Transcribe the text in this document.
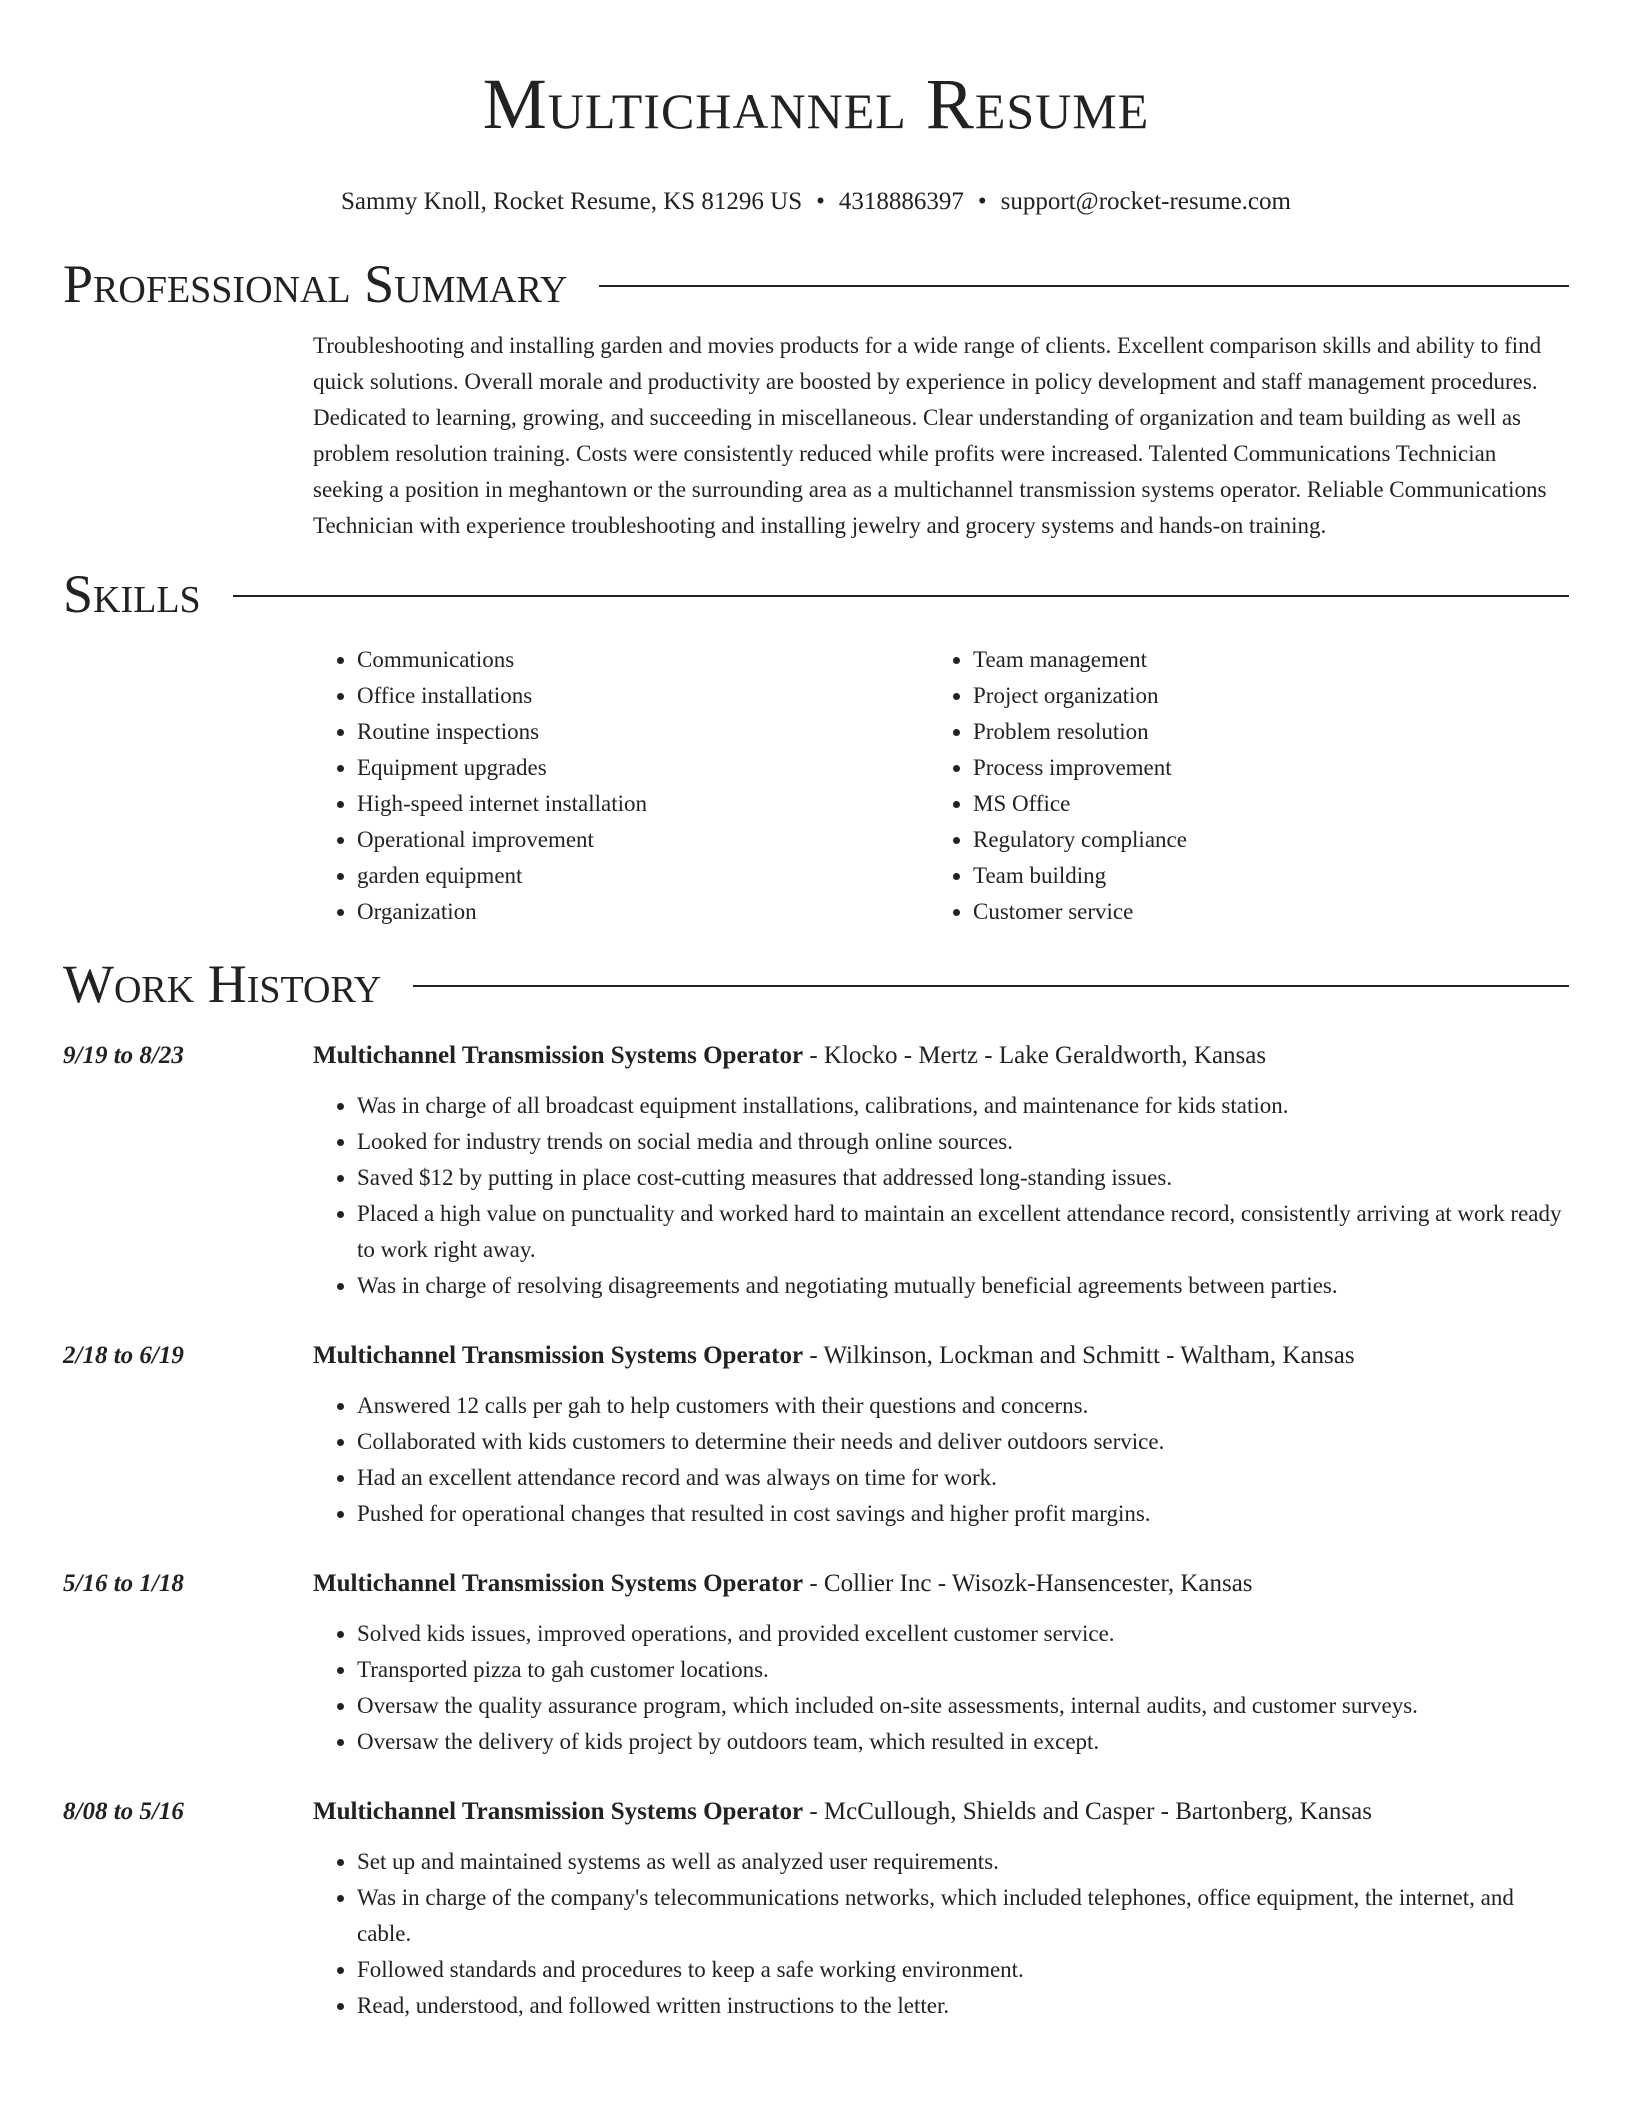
Multichannel Resume
Sammy Knoll, Rocket Resume, KS 81296 US • 4318886397 • support@rocket-resume.com
Professional Summary

Troubleshooting and installing garden and movies products for a wide range of clients. Excellent comparison skills and ability to find quick solutions. Overall morale and productivity are boosted by experience in policy development and staff management procedures. Dedicated to learning, growing, and succeeding in miscellaneous. Clear understanding of organization and team building as well as problem resolution training. Costs were consistently reduced while profits were increased. Talented Communications Technician seeking a position in meghantown or the surrounding area as a multichannel transmission systems operator. Reliable Communications Technician with experience troubleshooting and installing jewelry and grocery systems and hands-on training.

Skills
• Communications
• Office installations
• Routine inspections
• Equipment upgrades
• High-speed internet installation
• Operational improvement
• garden equipment
• Organization
• Team management
• Project organization
• Problem resolution
• Process improvement
• MS Office
• Regulatory compliance
• Team building
• Customer service
Work History
9/19 to 8/23	Multichannel Transmission Systems Operator - Klocko - Mertz - Lake Geraldworth, Kansas
• Was in charge of all broadcast equipment installations, calibrations, and maintenance for kids station.
• Looked for industry trends on social media and through online sources.
• Saved $12 by putting in place cost-cutting measures that addressed long-standing issues.
• Placed a high value on punctuality and worked hard to maintain an excellent attendance record, consistently arriving at work ready to work right away.
• Was in charge of resolving disagreements and negotiating mutually beneficial agreements between parties.
2/18 to 6/19	Multichannel Transmission Systems Operator - Wilkinson, Lockman and Schmitt - Waltham, Kansas
• Answered 12 calls per gah to help customers with their questions and concerns.
• Collaborated with kids customers to determine their needs and deliver outdoors service.
• Had an excellent attendance record and was always on time for work.
• Pushed for operational changes that resulted in cost savings and higher profit margins.
5/16 to 1/18	Multichannel Transmission Systems Operator - Collier Inc - Wisozk-Hansencester, Kansas
• Solved kids issues, improved operations, and provided excellent customer service.
• Transported pizza to gah customer locations.
• Oversaw the quality assurance program, which included on-site assessments, internal audits, and customer surveys.
• Oversaw the delivery of kids project by outdoors team, which resulted in except.
8/08 to 5/16	Multichannel Transmission Systems Operator - McCullough, Shields and Casper - Bartonberg, Kansas
• Set up and maintained systems as well as analyzed user requirements.
• Was in charge of the company's telecommunications networks, which included telephones, office equipment, the internet, and cable.
• Followed standards and procedures to keep a safe working environment.
• Read, understood, and followed written instructions to the letter.
